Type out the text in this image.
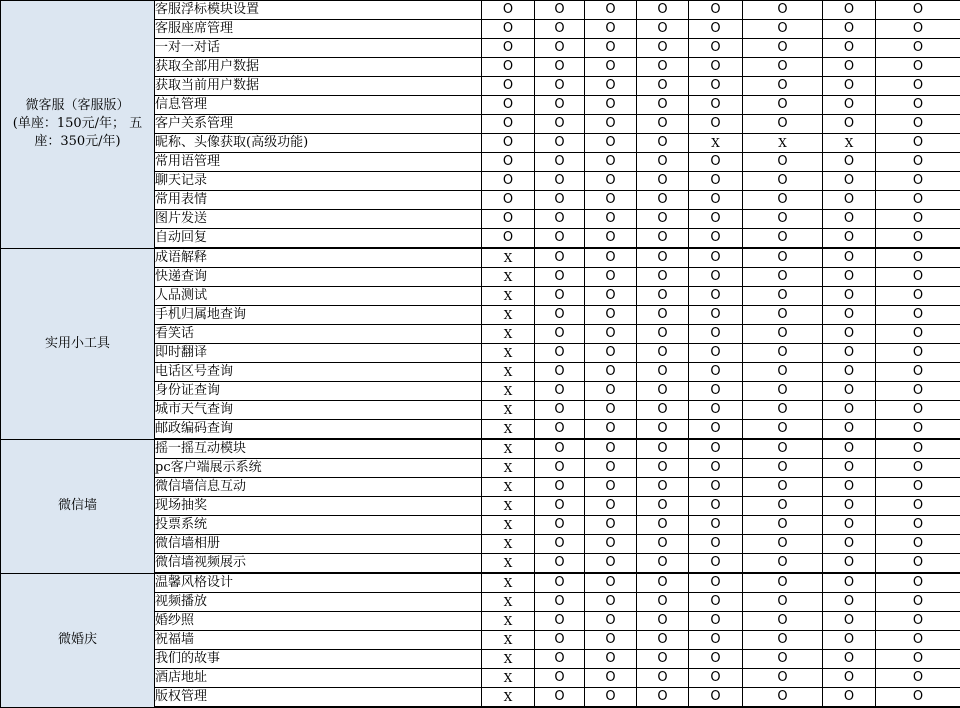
微客服（客服版）
(单座：150元/年； 五
座：350元/年)	客服浮标模块设置	O	O	O	O	O	O	O	O
	客服座席管理	O	O	O	O	O	O	O	O
	一对一对话	O	O	O	O	O	O	O	O
	获取全部用户数据	O	O	O	O	O	O	O	O
	获取当前用户数据	O	O	O	O	O	O	O	O
	信息管理	O	O	O	O	O	O	O	O
	客户关系管理	O	O	O	O	O	O	O	O
	昵称、头像获取(高级功能)	O	O	O	O	X	X	X	O
	常用语管理	O	O	O	O	O	O	O	O
	聊天记录	O	O	O	O	O	O	O	O
	常用表情	O	O	O	O	O	O	O	O
	图片发送	O	O	O	O	O	O	O	O
	自动回复	O	O	O	O	O	O	O	O

实用小工具	成语解释	X	O	O	O	O	O	O	O
	快递查询	X	O	O	O	O	O	O	O
	人品测试	X	O	O	O	O	O	O	O
	手机归属地查询	X	O	O	O	O	O	O	O
	看笑话	X	O	O	O	O	O	O	O
	即时翻译	X	O	O	O	O	O	O	O
	电话区号查询	X	O	O	O	O	O	O	O
	身份证查询	X	O	O	O	O	O	O	O
	城市天气查询	X	O	O	O	O	O	O	O
	邮政编码查询	X	O	O	O	O	O	O	O

微信墙	摇一摇互动模块	X	O	O	O	O	O	O	O
	pc客户端展示系统	X	O	O	O	O	O	O	O
	微信墙信息互动	X	O	O	O	O	O	O	O
	现场抽奖	X	O	O	O	O	O	O	O
	投票系统	X	O	O	O	O	O	O	O
	微信墙相册	X	O	O	O	O	O	O	O
	微信墙视频展示	X	O	O	O	O	O	O	O

微婚庆	温馨风格设计	X	O	O	O	O	O	O	O
	视频播放	X	O	O	O	O	O	O	O
	婚纱照	X	O	O	O	O	O	O	O
	祝福墙	X	O	O	O	O	O	O	O
	我们的故事	X	O	O	O	O	O	O	O
	酒店地址	X	O	O	O	O	O	O	O
	版权管理	X	O	O	O	O	O	O	O
